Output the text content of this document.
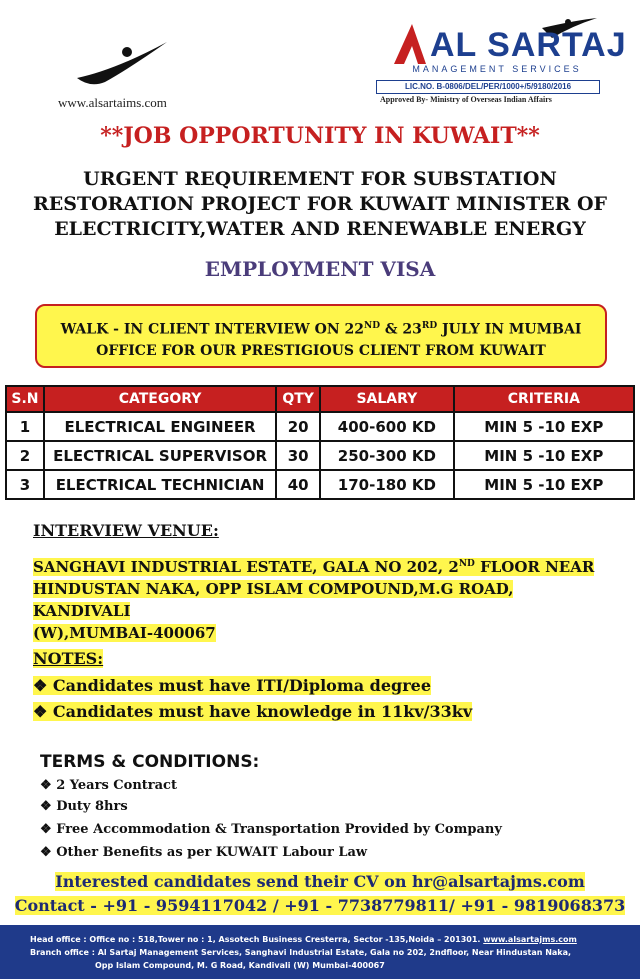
www.alsartaims.com
AL SARTAJ
MANAGEMENT SERVICES
LIC.NO. B-0806/DEL/PER/1000+/5/9180/2016
Approved By- Ministry of Overseas Indian Affairs
**JOB OPPORTUNITY IN KUWAIT**
URGENT REQUIREMENT FOR SUBSTATION
RESTORATION PROJECT FOR KUWAIT MINISTER OF
ELECTRICITY,WATER AND RENEWABLE ENERGY
EMPLOYMENT VISA
WALK - IN CLIENT INTERVIEW ON 22ND & 23RD JULY IN MUMBAI
OFFICE FOR OUR PRESTIGIOUS CLIENT FROM KUWAIT
S.N	CATEGORY	QTY	SALARY	CRITERIA
1	ELECTRICAL ENGINEER	20	400-600 KD	MIN 5 -10 EXP
2	ELECTRICAL SUPERVISOR	30	250-300 KD	MIN 5 -10 EXP
3	ELECTRICAL TECHNICIAN	40	170-180 KD	MIN 5 -10 EXP
INTERVIEW VENUE:
SANGHAVI INDUSTRIAL ESTATE, GALA NO 202, 2ND FLOOR NEAR
HINDUSTAN NAKA, OPP ISLAM COMPOUND,M.G ROAD, KANDIVALI
(W),MUMBAI-400067
NOTES:
❖ Candidates must have ITI/Diploma degree
❖ Candidates must have knowledge in 11kv/33kv
TERMS & CONDITIONS:
❖ 2 Years Contract
❖ Duty 8hrs
❖ Free Accommodation & Transportation Provided by Company
❖ Other Benefits as per KUWAIT Labour Law
Interested candidates send their CV on hr@alsartajms.com
Contact - +91 - 9594117042 / +91 - 7738779811/ +91 - 9819068373
Head office : Office no : 518,Tower no : 1, Assotech Business Cresterra, Sector -135,Noida – 201301. www.alsartajms.com
Branch office : Al Sartaj Management Services, Sanghavi Industrial Estate, Gala no 202, 2ndfloor, Near Hindustan Naka,
Opp Islam Compound, M. G Road, Kandivali (W) Mumbai-400067
